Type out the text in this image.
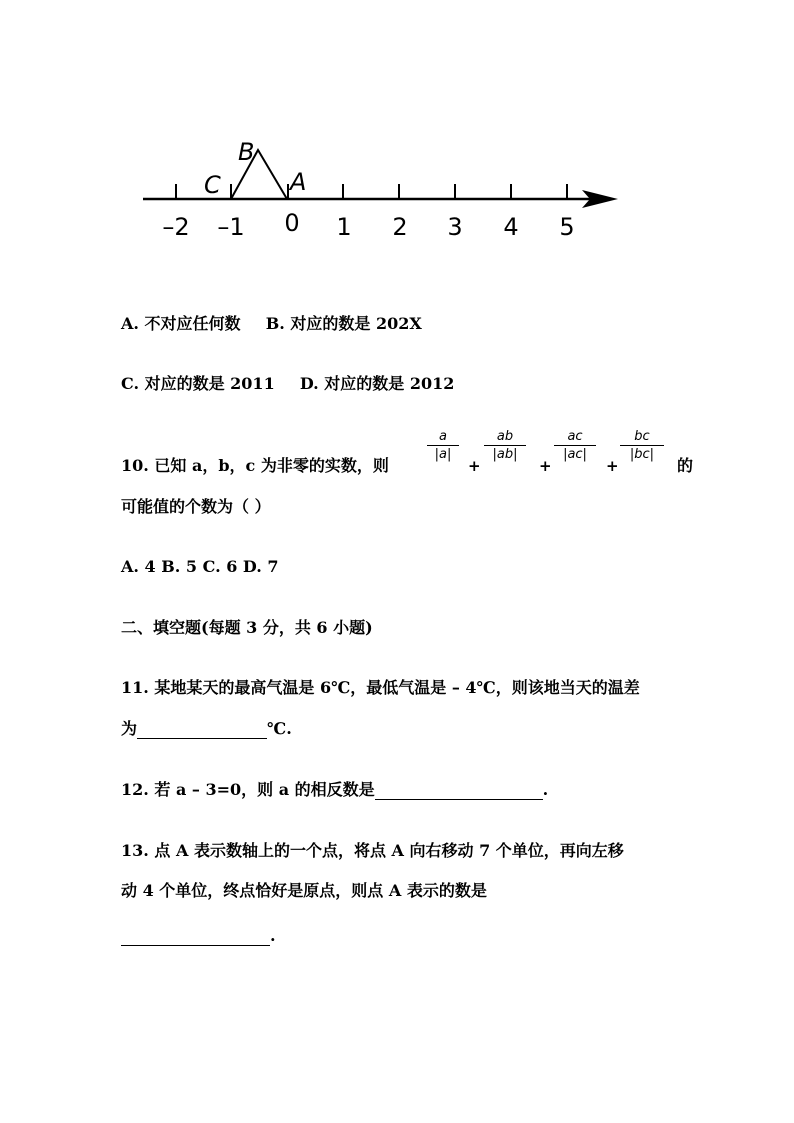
–2 –1 0 1 2 3 4 5
B
C	A
A. 不对应任何数 B. 对应的数是 202X
C. 对应的数是 2011 D. 对应的数是 2012
10. 已知 a，b，c 为非零的实数，则
a
|a|
+
ab
|ab|
+
ac
|ac|
+
bc
|bc|
的
可能值的个数为（ ）
A. 4 B. 5 C. 6 D. 7
二、填空题(每题 3 分，共 6 小题)
11. 某地某天的最高气温是 6℃，最低气温是 – 4℃，则该地当天的温差
为	℃.
12. 若 a – 3=0，则 a 的相反数是	.
13. 点 A 表示数轴上的一个点，将点 A 向右移动 7 个单位，再向左移
动 4 个单位，终点恰好是原点，则点 A 表示的数是
.
